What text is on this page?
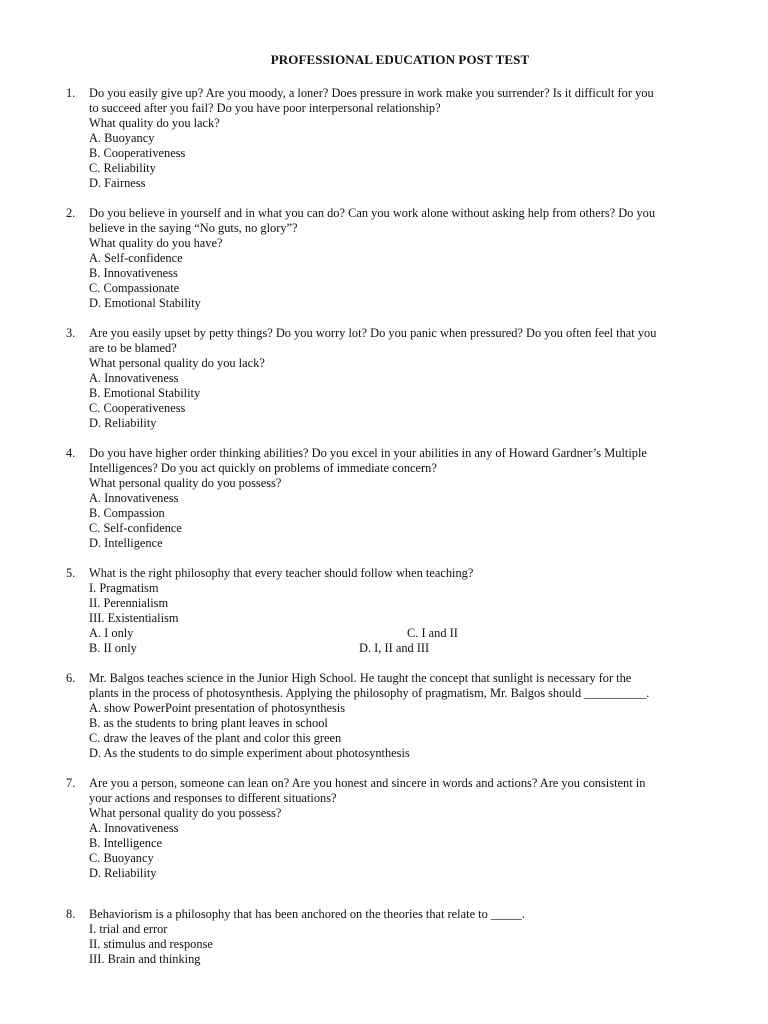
PROFESSIONAL EDUCATION POST TEST
1.	Do you easily give up? Are you moody, a loner? Does pressure in work make you surrender? Is it difficult for you
to succeed after you fail? Do you have poor interpersonal relationship?
What quality do you lack?
A. Buoyancy
B. Cooperativeness
C. Reliability
D. Fairness
2.	Do you believe in yourself and in what you can do? Can you work alone without asking help from others? Do you
believe in the saying “No guts, no glory”?
What quality do you have?
A. Self-confidence
B. Innovativeness
C. Compassionate
D. Emotional Stability
3.	Are you easily upset by petty things? Do you worry lot? Do you panic when pressured? Do you often feel that you
are to be blamed?
What personal quality do you lack?
A. Innovativeness
B. Emotional Stability
C. Cooperativeness
D. Reliability
4.	Do you have higher order thinking abilities? Do you excel in your abilities in any of Howard Gardner’s Multiple
Intelligences? Do you act quickly on problems of immediate concern?
What personal quality do you possess?
A. Innovativeness
B. Compassion
C. Self-confidence
D. Intelligence
5.	What is the right philosophy that every teacher should follow when teaching?
I. Pragmatism
II. Perennialism
III. Existentialism
A. I only	C. I and II
B. II only	D. I, II and III
6.	Mr. Balgos teaches science in the Junior High School. He taught the concept that sunlight is necessary for the
plants in the process of photosynthesis. Applying the philosophy of pragmatism, Mr. Balgos should __________.
A. show PowerPoint presentation of photosynthesis
B. as the students to bring plant leaves in school
C. draw the leaves of the plant and color this green
D. As the students to do simple experiment about photosynthesis
7.	Are you a person, someone can lean on? Are you honest and sincere in words and actions? Are you consistent in
your actions and responses to different situations?
What personal quality do you possess?
A. Innovativeness
B. Intelligence
C. Buoyancy
D. Reliability
8.	Behaviorism is a philosophy that has been anchored on the theories that relate to _____.
I. trial and error
II. stimulus and response
III. Brain and thinking
